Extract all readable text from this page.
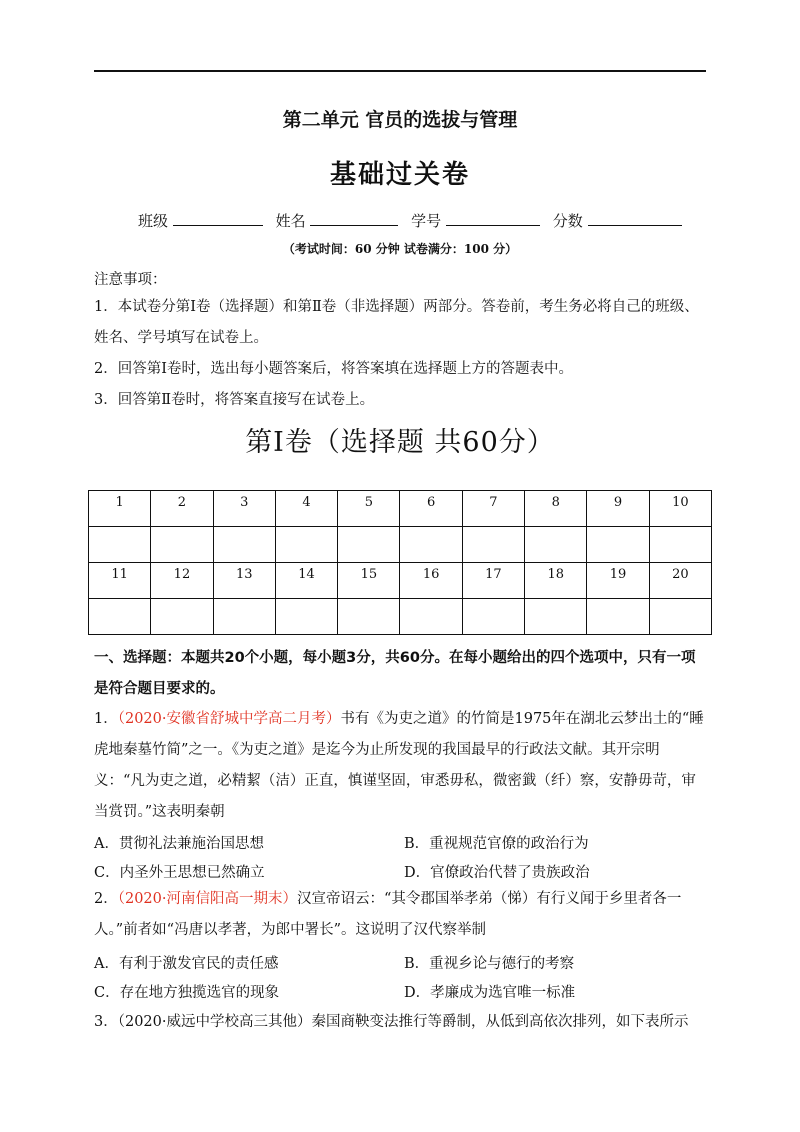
第二单元 官员的选拔与管理
基础过关卷
班级	姓名	学号	分数
（考试时间：60 分钟 试卷满分：100 分）
注意事项：
1．本试卷分第Ⅰ卷（选择题）和第Ⅱ卷（非选择题）两部分。答卷前，考生务必将自己的班级、姓名、学号填写在试卷上。
2．回答第Ⅰ卷时，选出每小题答案后，将答案填在选择题上方的答题表中。
3．回答第Ⅱ卷时，将答案直接写在试卷上。
第Ⅰ卷（选择题 共60分）
1	2	3	4	5	6	7	8	9	10

11	12	13	14	15	16	17	18	19	20

一、选择题：本题共20个小题，每小题3分，共60分。在每小题给出的四个选项中，只有一项是符合题目要求的。
1．（2020·安徽省舒城中学高二月考）书有《为吏之道》的竹简是1975年在湖北云梦出土的“睡虎地秦墓竹简”之一。《为吏之道》是迄今为止所发现的我国最早的行政法文献。其开宗明义：“凡为吏之道，必精絜（洁）正直，慎谨坚固，审悉毋私，微密韱（纤）察，安静毋苛，审当赏罚。”这表明秦朝
A．贯彻礼法兼施治国思想	B．重视规范官僚的政治行为
C．内圣外王思想已然确立	D．官僚政治代替了贵族政治
2．（2020·河南信阳高一期末）汉宣帝诏云：“其令郡国举孝弟（悌）有行义闻于乡里者各一人。”前者如“冯唐以孝著，为郎中署长”。这说明了汉代察举制
A．有利于激发官民的责任感	B．重视乡论与德行的考察
C．存在地方独揽选官的现象	D．孝廉成为选官唯一标准
3．（2020·威远中学校高三其他）秦国商鞅变法推行等爵制，从低到高依次排列，如下表所示
